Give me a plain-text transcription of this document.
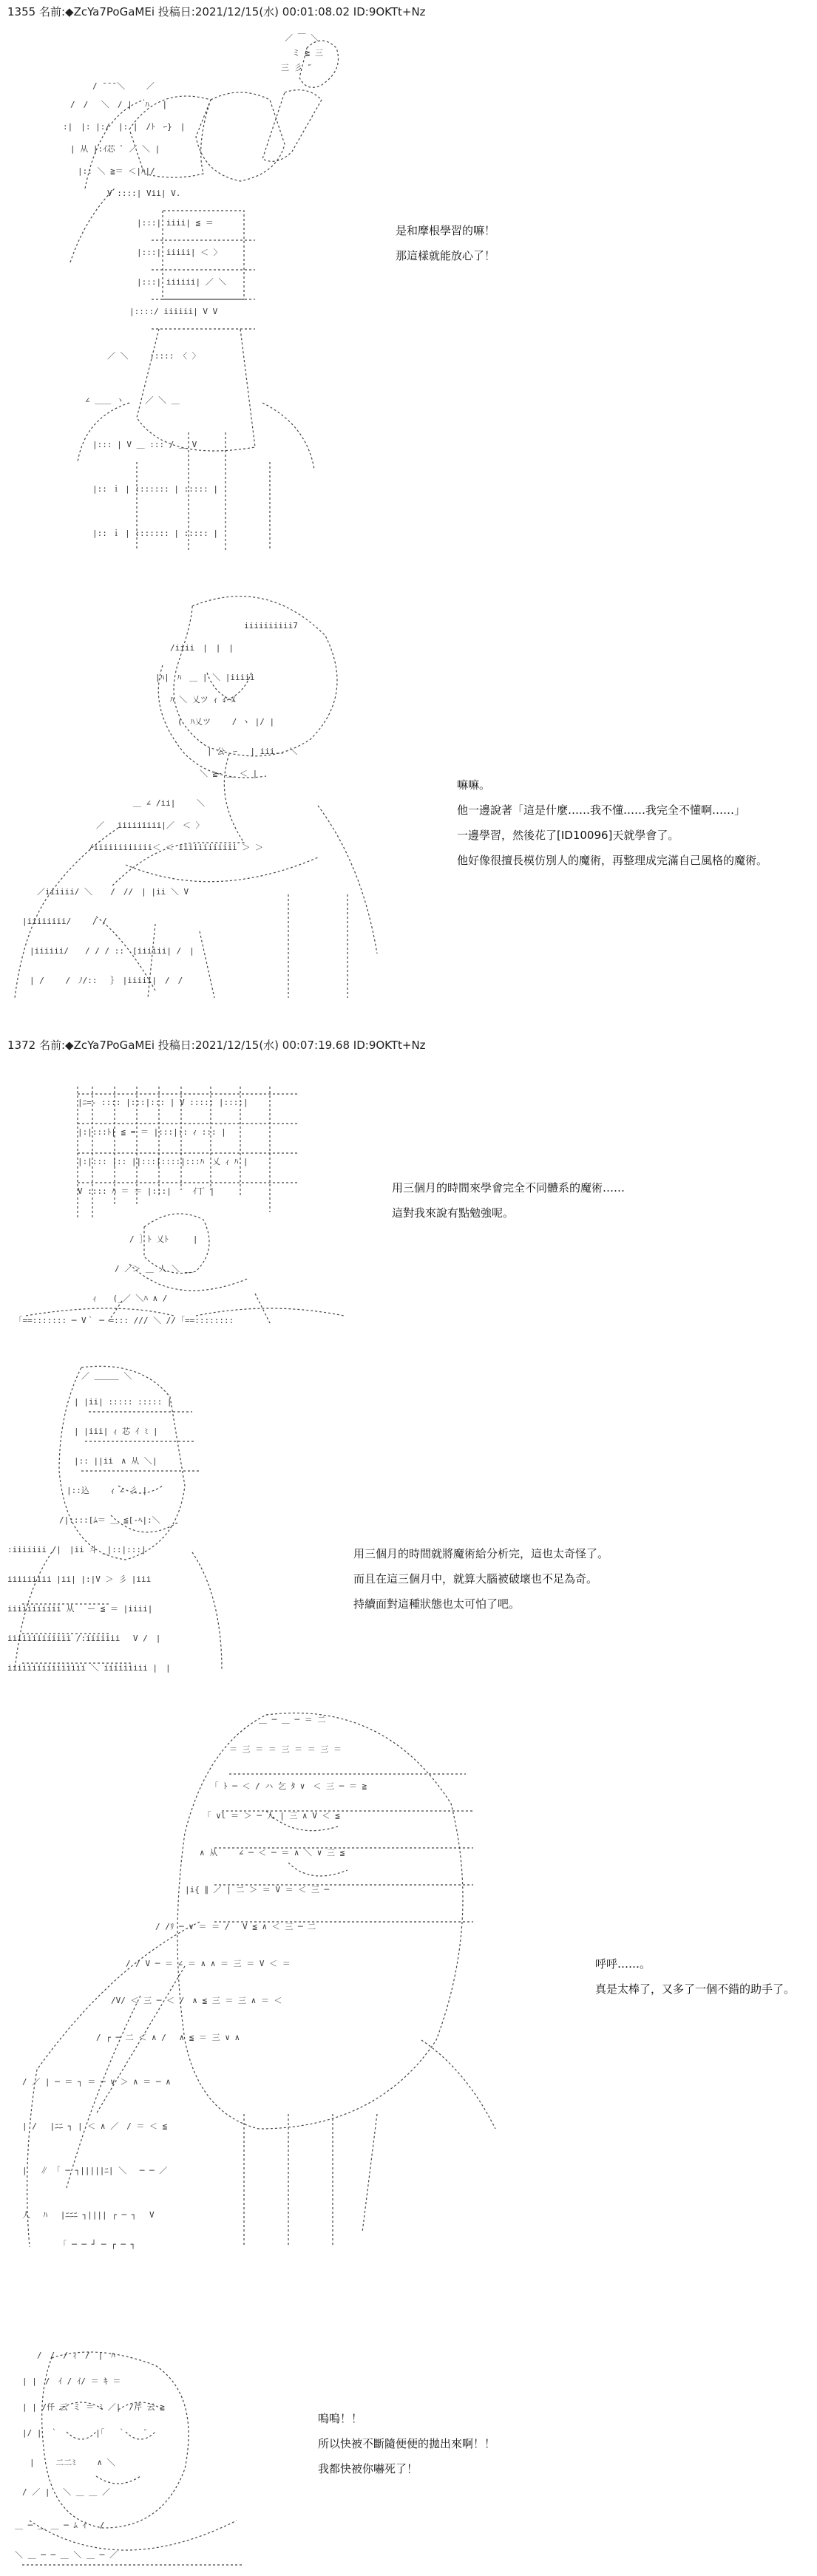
1355 名前:◆ZcYa7PoGaMEi 投稿日:2021/12/15(水) 00:01:08.02 ID:9OKTt+Nz

／ ￣ ＼
ミ ≧ 三
三 彡 ″
/ ̄ ̄ ̄ ＼　　 ／
/　/　 ＼　/ |　 ﾊ　 |
:|　|: |:/　|: |　/ﾄ　ｰ}　|
| 从 |:ｲ芯 ﾟ ／ ＼ |
|:: ＼ ≧＝ ＜|ﾊ|/
V ::::| Vii| V.
|:::| iiii| ≦ ＝
|:::| iiiii| ＜ 〉
|:::| iiiiii| ／ ＼
|::::/ iiiiii| V V
／ ＼　　 ::::: 〈 〉
∠ ＿＿ ヽ　　 ／ ＼ ＿
|::: | V ＿ ::: / ＿ V
|:: ｉ | ::::::: | ::::: |
|:: ｉ | ::::::: | ::::: |

是和摩根學習的嘛！
那這樣就能放心了！

iiiiiiiiii7
/iiii　|　|　|
|ﾊ|　ﾊ　＿ | ＼ |iiiii
ﾊ ＼ 乂ツ ｨ ｲ ﾒ
(　ﾊ乂ツ　　 / ヽ |/ |
| 公　ｰ　 | iii.. ＼
＼ ≧ｰ ＿ ＜ |
＿ ∠ /ii|　　 ＼
／ 　iiiiiiiii|／　＜ 〉
/iiiiiiiiiiii＜ ＜ iiiiiiiiiiii ＞ ＞
／iiiiii/ ＼ 　 /　//　| |ii ＼ V
|iiiiiiii/　　 / /
|iiiiii/　　/ / / ::　[iiiiii| /　|
| /　　 /　ﾉ/::　 ｝　|iiiii|　/　/

嘛嘛。
他一邊說著「這是什麼……我不懂……我完全不懂啊……」
一邊學習，然後花了[ID10096]天就學會了。
他好像很擅長模仿別人的魔術，再整理成完滿自己風格的魔術。
1372 名前:◆ZcYa7PoGaMEi 投稿日:2021/12/15(水) 00:07:19.68 ID:9OKTt+Nz

|ﾆ=- :::: |:::|::: | V ::::: |::::|
|:|:::ﾄ| ≦ = ＝ |:::|:: ｨ ::: |
|:|::: |:: ||:::|::::|:::ﾊ　乂 ｨ ﾊ |
V :::: ﾊ ＝ ＝ |:::|　　 ｲ丁 |
/ ］ﾄ 乂ﾄ　　　|
/ ／＞ ＿ 人 ＼ ＿
ｨ　　(_／ ＼ﾊ ∧ /
｢==::::::: ─ V｀ ─ =::: /// ＼ // ｢==::::::::

用三個月的時間來學會完全不同體系的魔術……
這對我來說有點勉強呢。

／ ＿＿＿ ＼
| |ii| ::::: ::::: |
| |iii| ｨ 芯 ｲ ﾐ |
|:: ||ii　∧ 从 ＼|
|::込　　 ｨ ∠ 彡 |
/|::::[ﾑ＝ ＿ ≦[-ﾍ|:＼
:iiiiiii /|　|ii 斗 _|::|:::|
iiiiiiiii |ii| |:|V ＞ 彡 |iii
iiiiiiiiiii 从　 ー ≦ ＝ |iiii|
iiiiiiiiiiiii /:iiiiiii　 V /　|
iiiiiiiiiiiiiiii ＼ iiiiiiiii |　|

用三個月的時間就將魔術給分析完，這也太奇怪了。
而且在這三個月中，就算大腦被破壞也不足為奇。
持續面對這種狀態也太可怕了吧。

＿ ─ ＿ ─ ＝ 二
＝ 三 ＝ ＝ 三 ＝ ＝ 三 ＝
｢ ﾄ ─ ＜ / ハ 乞 ﾀ ∨　＜ 三 ─ ＝ ≧
｢ ∨l ＝ ＞ ─ 人 | 三 ∧ V ＜ ≦
∧ 从　　 ∠ ─ ＜ ─ ＝ ∧ ＼ ∨ 三 ≦
|i{ ∥ ／ | 二 ＞ ＝ V ＝ ＜ 三 ─
/ /ﾘ ─ ∨ ＝ ＝ /　 V ≦ ∧ ＜ 三 ─ 二
/ / V ─ ＝ ∠ ＝ ∧ ∧ ＝ 三 ＝ V ＜ ＝
/V/ ＜ 三 ─ ＜ /　∧ ≦ 三 ＝ 三 ∧ ＝ ＜
/ ┌ ─ 二 ＜ ∧ /　 ∧ ≦ ＝ 三 ∨ ∧
/ ／ | ─ ＝ ┐ ＝ ─ ∨ ＞ ∧ ＝ ─ ∧
| /　 |ﾆﾆ ┐ | ＜ ∧ ／　/ ＝ ＜ ≦
|　 ∥　｢ ─ ┐|||||ﾆ| ＼　 ─ ─ ／
人　 ﾊ　 |ﾆﾆﾆ ┐|||| ┌ ─ ┐　 V
　　　　　｢ ─ ─ ┘ ─ ┌ ─ ┐

呼呼……。
真是太棒了，又多了一個不錯的助手了。

/　/　/ ｨ　/　|　ﾊ
| |　/　ｲ / ｲ/ ＝ ｷ ＝
| | /仟 云 ミ ＝ ﾐ ／|　/芹 云 ≧
|/ |　｀　　　　 |｢　 ｀　　 ﾟ
|　　 二二ﾐ　　 ∧ ＼
/ ／ |　 ＼ ＿ ＿ ／
＿ ─ ＿ ＿ ─ ﾑ ｲ　 /
＼ ＿ ─ ─ ＿ ＼ ＿ ─ ／

嗚嗚！！
所以快被不斷隨便便的拋出來啊！！
我都快被你嚇死了！
